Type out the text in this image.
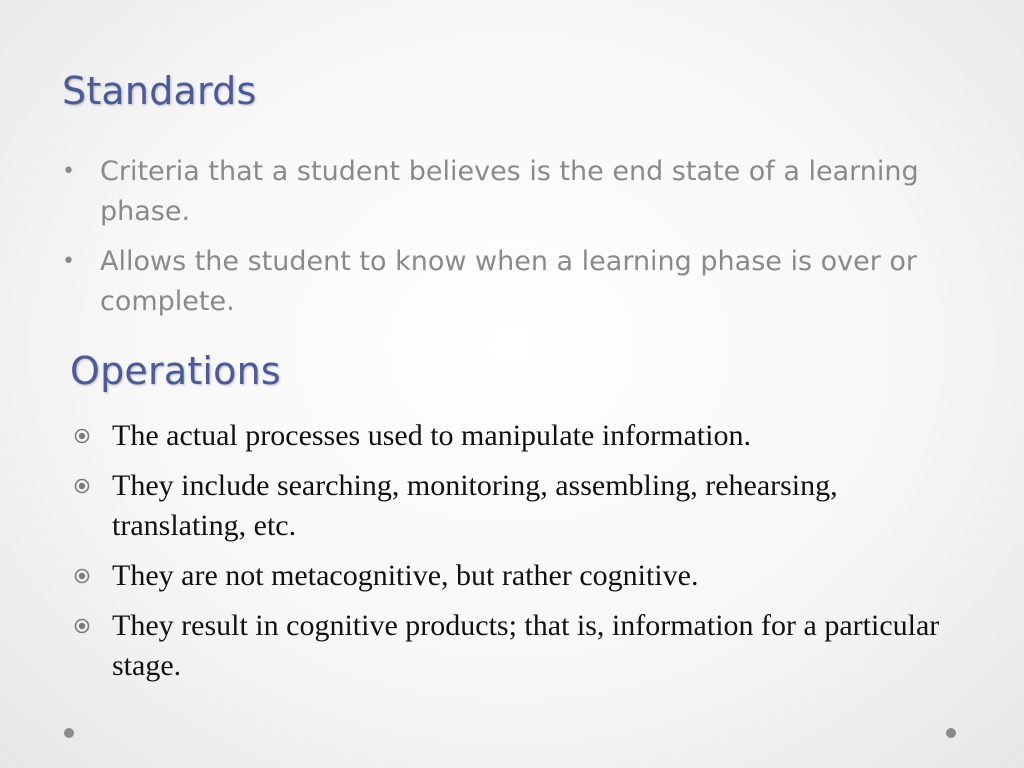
Standards
• Criteria that a student believes is the end state of a learning phase.
• Allows the student to know when a learning phase is over or complete.
Operations
The actual processes used to manipulate information.
They include searching, monitoring, assembling, rehearsing, translating, etc.
They are not metacognitive, but rather cognitive.
They result in cognitive products; that is, information for a particular stage.
